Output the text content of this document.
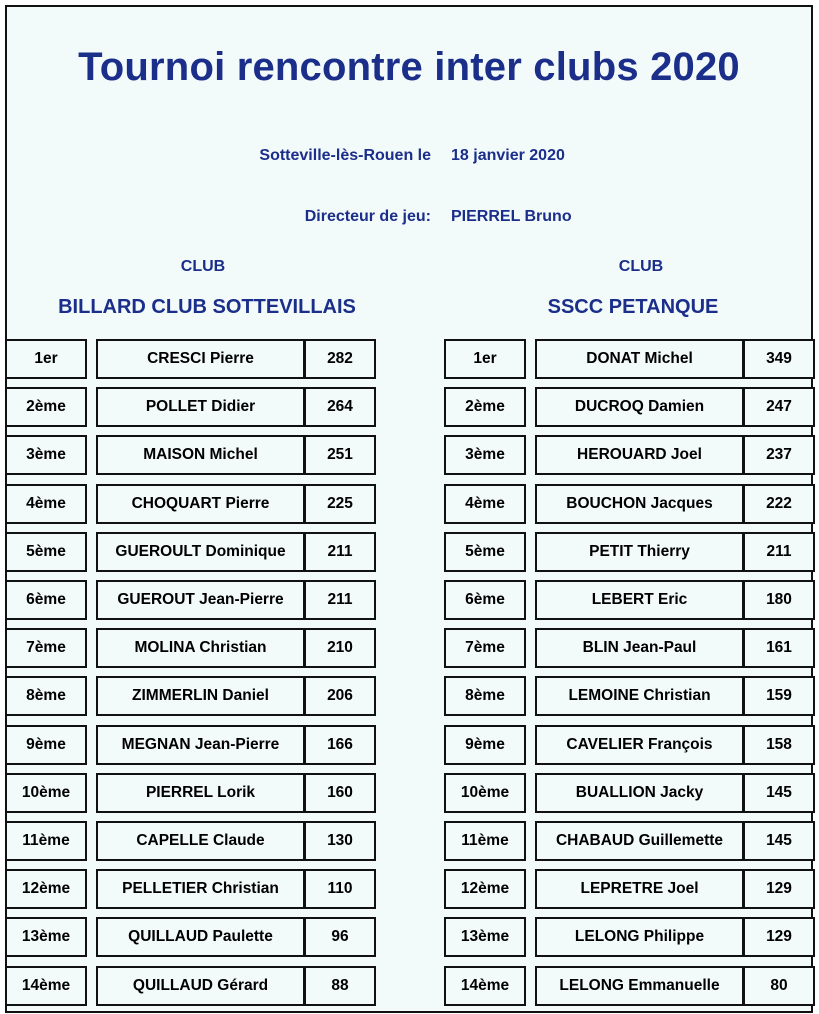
Tournoi rencontre inter clubs 2020
Sotteville-lès-Rouen le 18 janvier 2020
Directeur de jeu: PIERREL Bruno
CLUB	CLUB
BILLARD CLUB SOTTEVILLAIS	SSCC PETANQUE
1er	CRESCI Pierre	282
2ème	POLLET Didier	264
3ème	MAISON Michel	251
4ème	CHOQUART Pierre	225
5ème	GUEROULT Dominique	211
6ème	GUEROUT Jean-Pierre	211
7ème	MOLINA Christian	210
8ème	ZIMMERLIN Daniel	206
9ème	MEGNAN Jean-Pierre	166
10ème	PIERREL Lorik	160
11ème	CAPELLE Claude	130
12ème	PELLETIER Christian	110
13ème	QUILLAUD Paulette	96
14ème	QUILLAUD Gérard	88
1er	DONAT Michel	349
2ème	DUCROQ Damien	247
3ème	HEROUARD Joel	237
4ème	BOUCHON Jacques	222
5ème	PETIT Thierry	211
6ème	LEBERT Eric	180
7ème	BLIN Jean-Paul	161
8ème	LEMOINE Christian	159
9ème	CAVELIER François	158
10ème	BUALLION Jacky	145
11ème	CHABAUD Guillemette	145
12ème	LEPRETRE Joel	129
13ème	LELONG Philippe	129
14ème	LELONG Emmanuelle	80
